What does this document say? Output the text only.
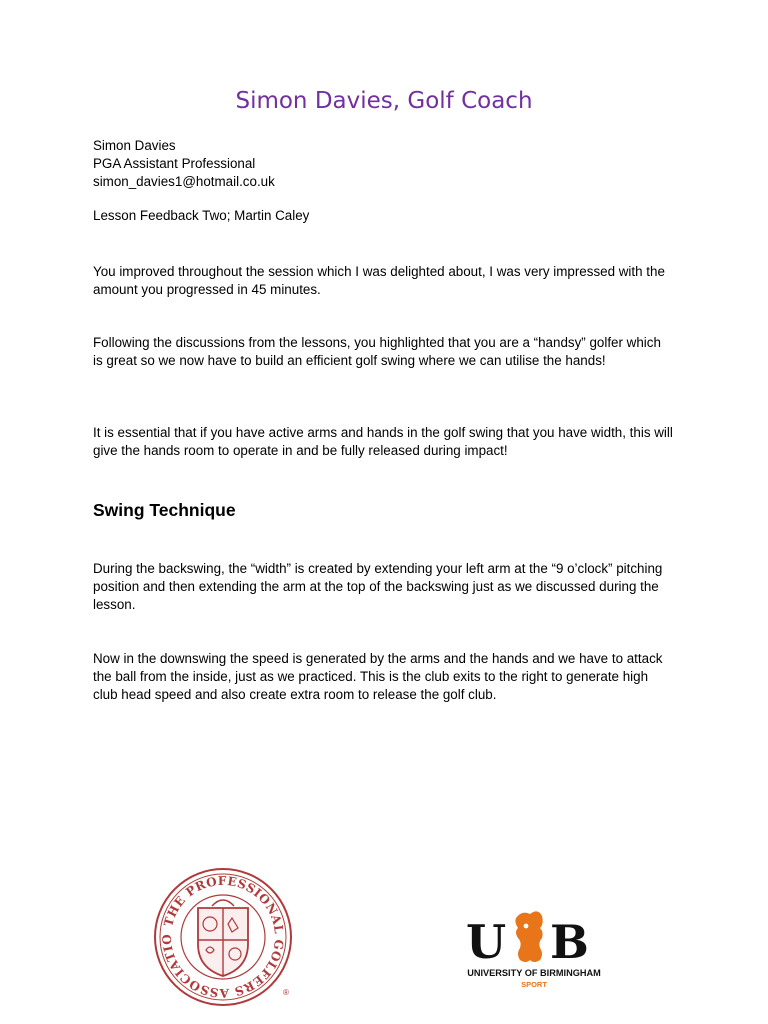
Simon Davies, Golf Coach
Simon Davies
PGA Assistant Professional
simon_davies1@hotmail.co.uk
Lesson Feedback Two; Martin Caley

You improved throughout the session which I was delighted about, I was very impressed with the amount you progressed in 45 minutes.

Following the discussions from the lessons, you highlighted that you are a “handsy” golfer which is great so we now have to build an efficient golf swing where we can utilise the hands!

It is essential that if you have active arms and hands in the golf swing that you have width, this will give the hands room to operate in and be fully released during impact!

Swing Technique

During the backswing, the “width” is created by extending your left arm at the “9 o’clock” pitching position and then extending the arm at the top of the backswing just as we discussed during the lesson.

Now in the downswing the speed is generated by the arms and the hands and we have to attack the ball from the inside, just as we practiced. This is the club exits to the right to generate high club head speed and also create extra room to release the golf club.

THE PROFESSIONAL GOLFERS ASSOCIATIO
®
U B
UNIVERSITY OF BIRMINGHAM
SPORT
